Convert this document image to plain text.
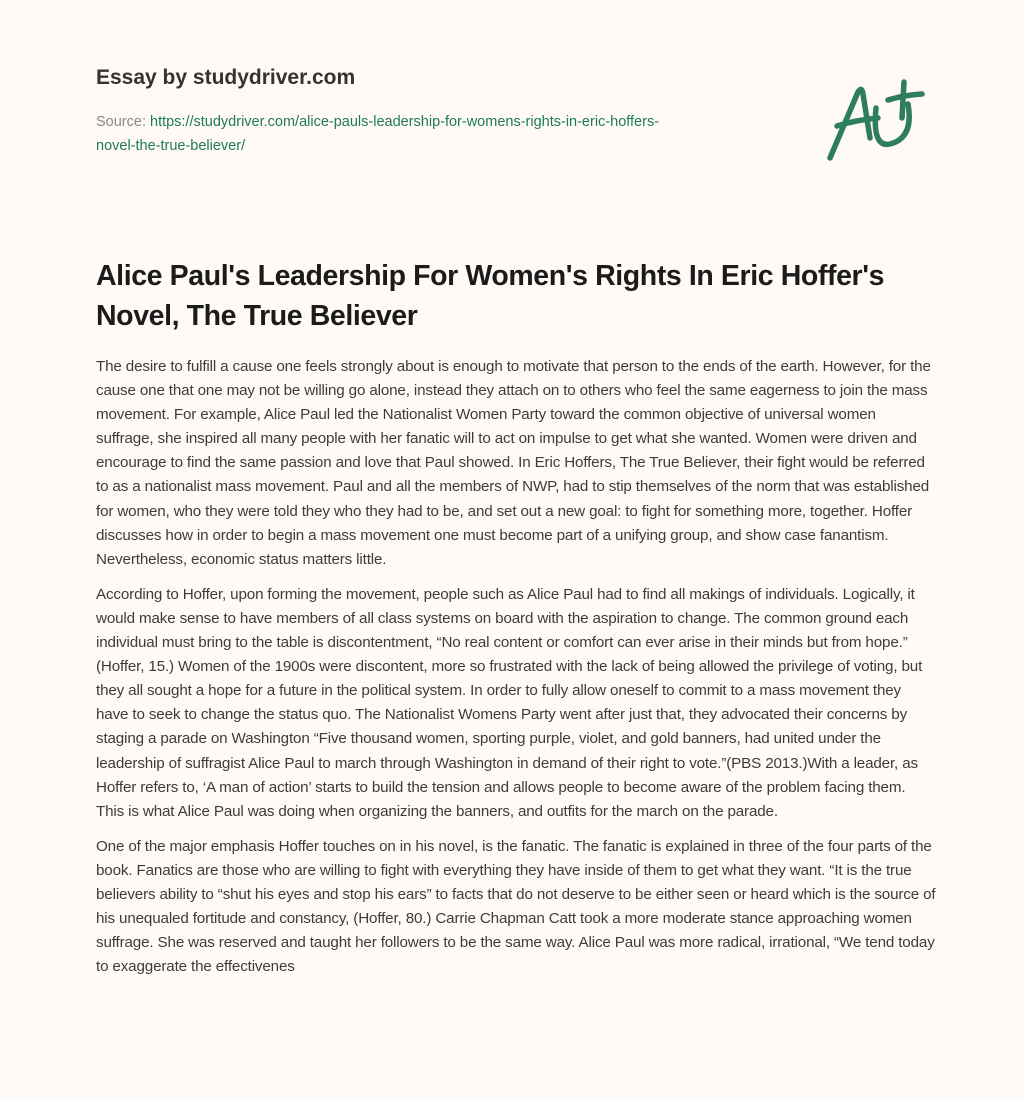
Essay by studydriver.com
Source: https://studydriver.com/alice-pauls-leadership-for-womens-rights-in-eric-hoffers-
novel-the-true-believer/
Alice Paul's Leadership For Women's Rights In Eric Hoffer's Novel, The True Believer

The desire to fulfill a cause one feels strongly about is enough to motivate that person to the ends of the earth. However, for the cause one that one may not be willing go alone, instead they attach on to others who feel the same eagerness to join the mass movement. For example, Alice Paul led the Nationalist Women Party toward the common objective of universal women suffrage, she inspired all many people with her fanatic will to act on impulse to get what she wanted. Women were driven and encourage to find the same passion and love that Paul showed. In Eric Hoffers, The True Believer, their fight would be referred to as a nationalist mass movement. Paul and all the members of NWP, had to stip themselves of the norm that was established for women, who they were told they who they had to be, and set out a new goal: to fight for something more, together. Hoffer discusses how in order to begin a mass movement one must become part of a unifying group, and show case fanantism. Nevertheless, economic status matters little.

According to Hoffer, upon forming the movement, people such as Alice Paul had to find all makings of individuals. Logically, it would make sense to have members of all class systems on board with the aspiration to change. The common ground each individual must bring to the table is discontentment, “No real content or comfort can ever arise in their minds but from hope.” (Hoffer, 15.) Women of the 1900s were discontent, more so frustrated with the lack of being allowed the privilege of voting, but they all sought a hope for a future in the political system. In order to fully allow oneself to commit to a mass movement they have to seek to change the status quo. The Nationalist Womens Party went after just that, they advocated their concerns by staging a parade on Washington “Five thousand women, sporting purple, violet, and gold banners, had united under the leadership of suffragist Alice Paul to march through Washington in demand of their right to vote.”(PBS 2013.)With a leader, as Hoffer refers to, ‘A man of action’ starts to build the tension and allows people to become aware of the problem facing them. This is what Alice Paul was doing when organizing the banners, and outfits for the march on the parade.

One of the major emphasis Hoffer touches on in his novel, is the fanatic. The fanatic is explained in three of the four parts of the book. Fanatics are those who are willing to fight with everything they have inside of them to get what they want. “It is the true believers ability to “shut his eyes and stop his ears” to facts that do not deserve to be either seen or heard which is the source of his unequaled fortitude and constancy, (Hoffer, 80.) Carrie Chapman Catt took a more moderate stance approaching women suffrage. She was reserved and taught her followers to be the same way. Alice Paul was more radical, irrational, “We tend today to exaggerate the effectivenes
